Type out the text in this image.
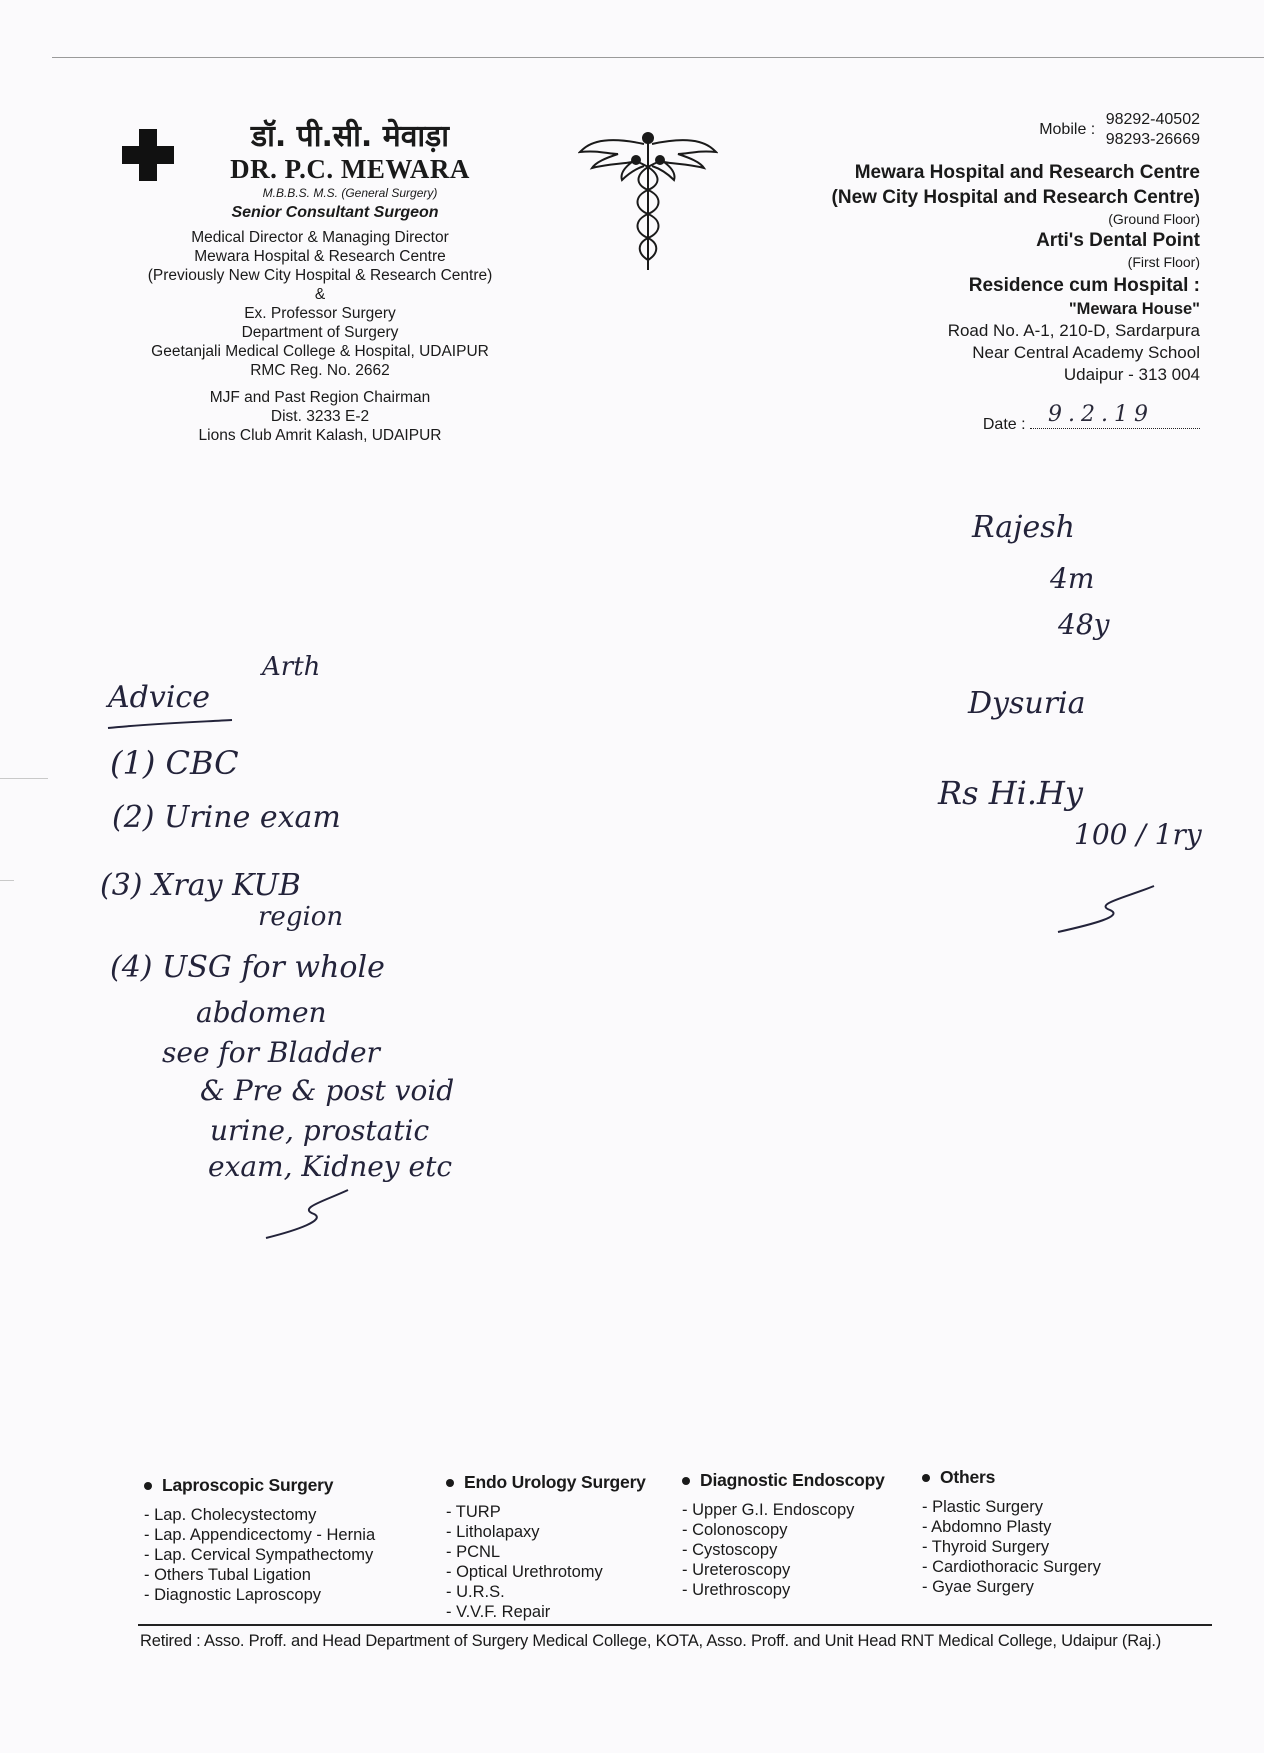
डॉ. पी.सी. मेवाड़ा
DR. P.C. MEWARA
M.B.B.S. M.S. (General Surgery)
Senior Consultant Surgeon
Medical Director & Managing Director
Mewara Hospital & Research Centre
(Previously New City Hospital & Research Centre)
&
Ex. Professor Surgery
Department of Surgery
Geetanjali Medical College & Hospital, UDAIPUR
RMC Reg. No. 2662
MJF and Past Region Chairman
Dist. 3233 E-2
Lions Club Amrit Kalash, UDAIPUR
Mobile : 98292-40502
98293-26669
Mewara Hospital and Research Centre
(New City Hospital and Research Centre)
(Ground Floor)
Arti's Dental Point
(First Floor)
Residence cum Hospital :
"Mewara House"
Road No. A-1, 210-D, Sardarpura
Near Central Academy School
Udaipur - 313 004
Date : 9.2.19
Rajesh
4m
48y
Dysuria
Rs Hi.Hy
100 / 1ry
Advice
Arth
(1) CBC
(2) Urine exam
(3) Xray KUB
region
(4) USG for whole
abdomen
see for Bladder
& Pre & post void
urine, prostatic
exam, Kidney etc
Laproscopic Surgery
- Lap. Cholecystectomy
- Lap. Appendicectomy - Hernia
- Lap. Cervical Sympathectomy
- Others Tubal Ligation
- Diagnostic Laproscopy
Endo Urology Surgery
- TURP
- Litholapaxy
- PCNL
- Optical Urethrotomy
- U.R.S.
- V.V.F. Repair
Diagnostic Endoscopy
- Upper G.I. Endoscopy
- Colonoscopy
- Cystoscopy
- Ureteroscopy
- Urethroscopy
Others
- Plastic Surgery
- Abdomno Plasty
- Thyroid Surgery
- Cardiothoracic Surgery
- Gyae Surgery
Retired : Asso. Proff. and Head Department of Surgery Medical College, KOTA, Asso. Proff. and Unit Head RNT Medical College, Udaipur (Raj.)
